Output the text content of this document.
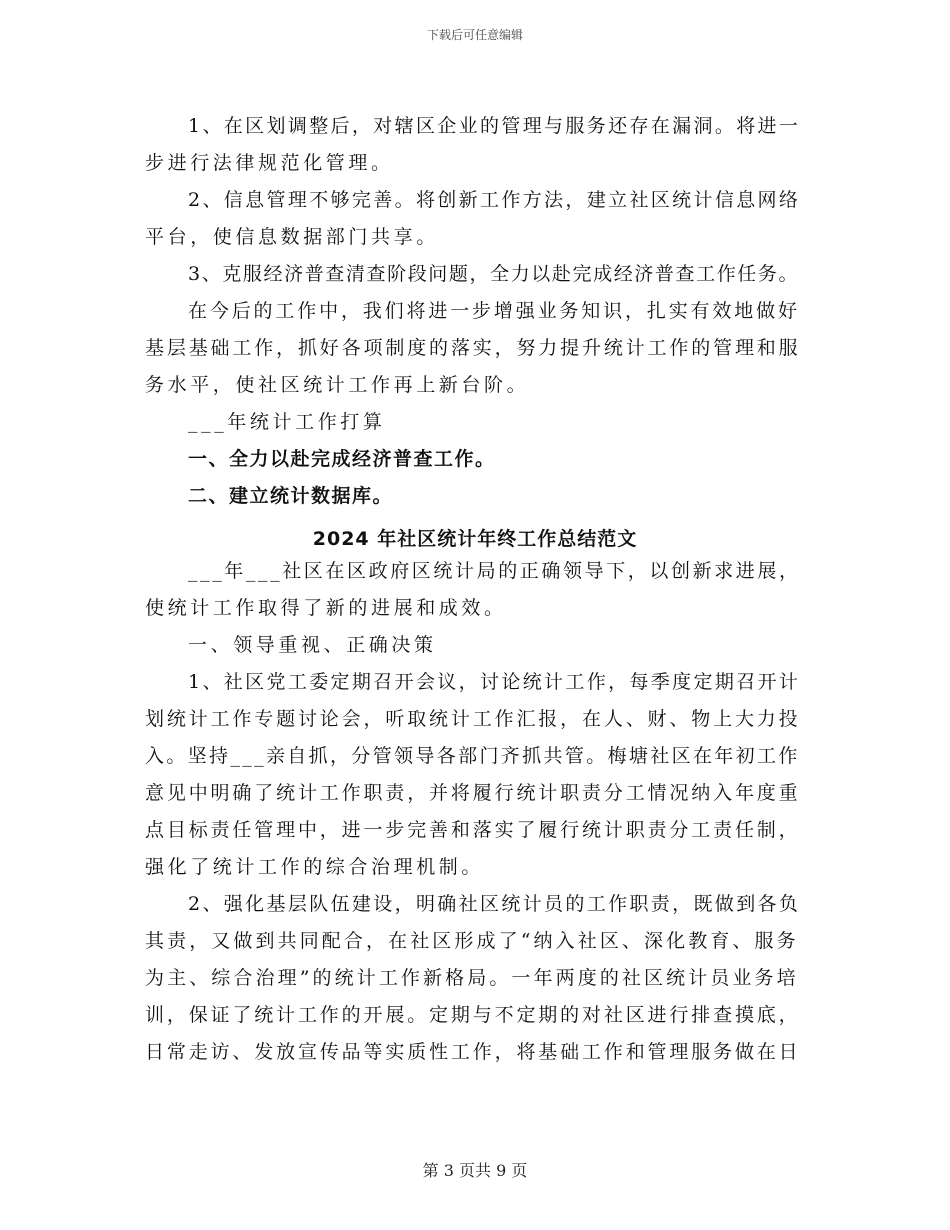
下载后可任意编辑
1、在区划调整后，对辖区企业的管理与服务还存在漏洞。将进一
步进行法律规范化管理。
2、信息管理不够完善。将创新工作方法，建立社区统计信息网络
平台，使信息数据部门共享。
3、克服经济普查清查阶段问题，全力以赴完成经济普查工作任务。
在今后的工作中，我们将进一步增强业务知识，扎实有效地做好
基层基础工作，抓好各项制度的落实，努力提升统计工作的管理和服
务水平，使社区统计工作再上新台阶。
___年统计工作打算
一、全力以赴完成经济普查工作。
二、建立统计数据库。
2024 年社区统计年终工作总结范文
___年___社区在区政府区统计局的正确领导下，以创新求进展，
使统计工作取得了新的进展和成效。
一、领导重视、正确决策
1、社区党工委定期召开会议，讨论统计工作，每季度定期召开计
划统计工作专题讨论会，听取统计工作汇报，在人、财、物上大力投
入。坚持___亲自抓，分管领导各部门齐抓共管。梅塘社区在年初工作
意见中明确了统计工作职责，并将履行统计职责分工情况纳入年度重
点目标责任管理中，进一步完善和落实了履行统计职责分工责任制，
强化了统计工作的综合治理机制。
2、强化基层队伍建设，明确社区统计员的工作职责，既做到各负
其责，又做到共同配合，在社区形成了“纳入社区、深化教育、服务
为主、综合治理”的统计工作新格局。一年两度的社区统计员业务培
训，保证了统计工作的开展。定期与不定期的对社区进行排查摸底，
日常走访、发放宣传品等实质性工作，将基础工作和管理服务做在日
第 3 页共 9 页
